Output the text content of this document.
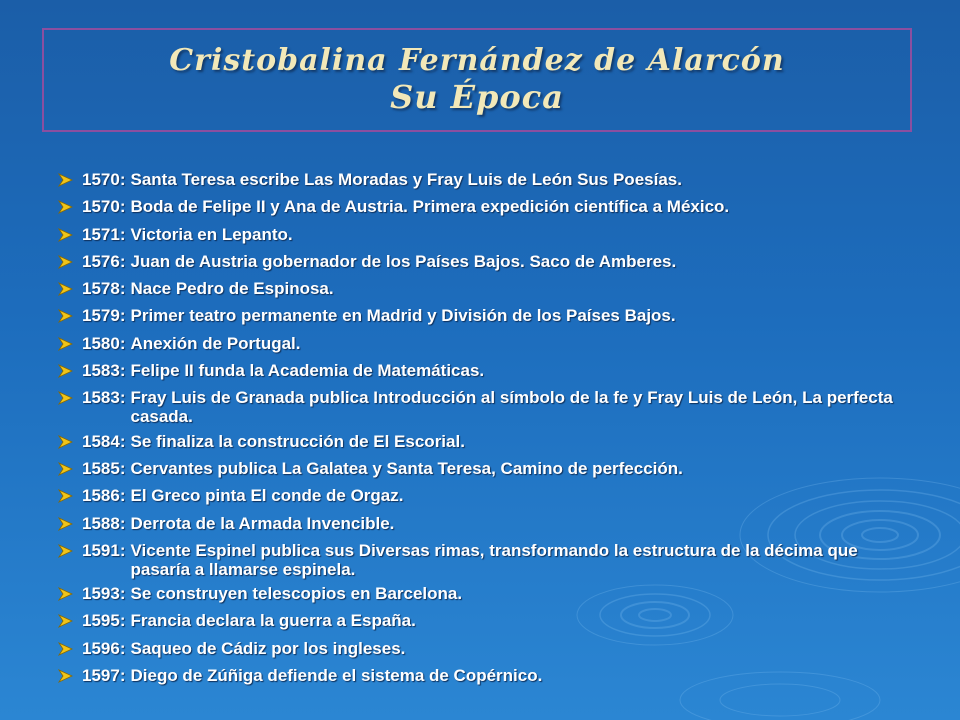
Cristobalina Fernández de Alarcón
Su Época
1570: Santa Teresa escribe Las Moradas y Fray Luis de León Sus Poesías.
1570: Boda de Felipe II y Ana de Austria. Primera expedición científica a México.
1571: Victoria en Lepanto.
1576: Juan de Austria gobernador de los Países Bajos. Saco de Amberes.
1578: Nace Pedro de Espinosa.
1579: Primer teatro permanente en Madrid y División de los Países Bajos.
1580: Anexión de Portugal.
1583: Felipe II funda la Academia de Matemáticas.
1583: Fray Luis de Granada publica Introducción al símbolo de la fe y Fray Luis de León, La perfecta casada.
1584: Se finaliza la construcción de El Escorial.
1585: Cervantes publica La Galatea y Santa Teresa, Camino de perfección.
1586: El Greco pinta El conde de Orgaz.
1588: Derrota de la Armada Invencible.
1591: Vicente Espinel publica sus Diversas rimas, transformando la estructura de la décima que pasaría a llamarse espinela.
1593: Se construyen telescopios en Barcelona.
1595: Francia declara la guerra a España.
1596: Saqueo de Cádiz por los ingleses.
1597: Diego de Zúñiga defiende el sistema de Copérnico.
